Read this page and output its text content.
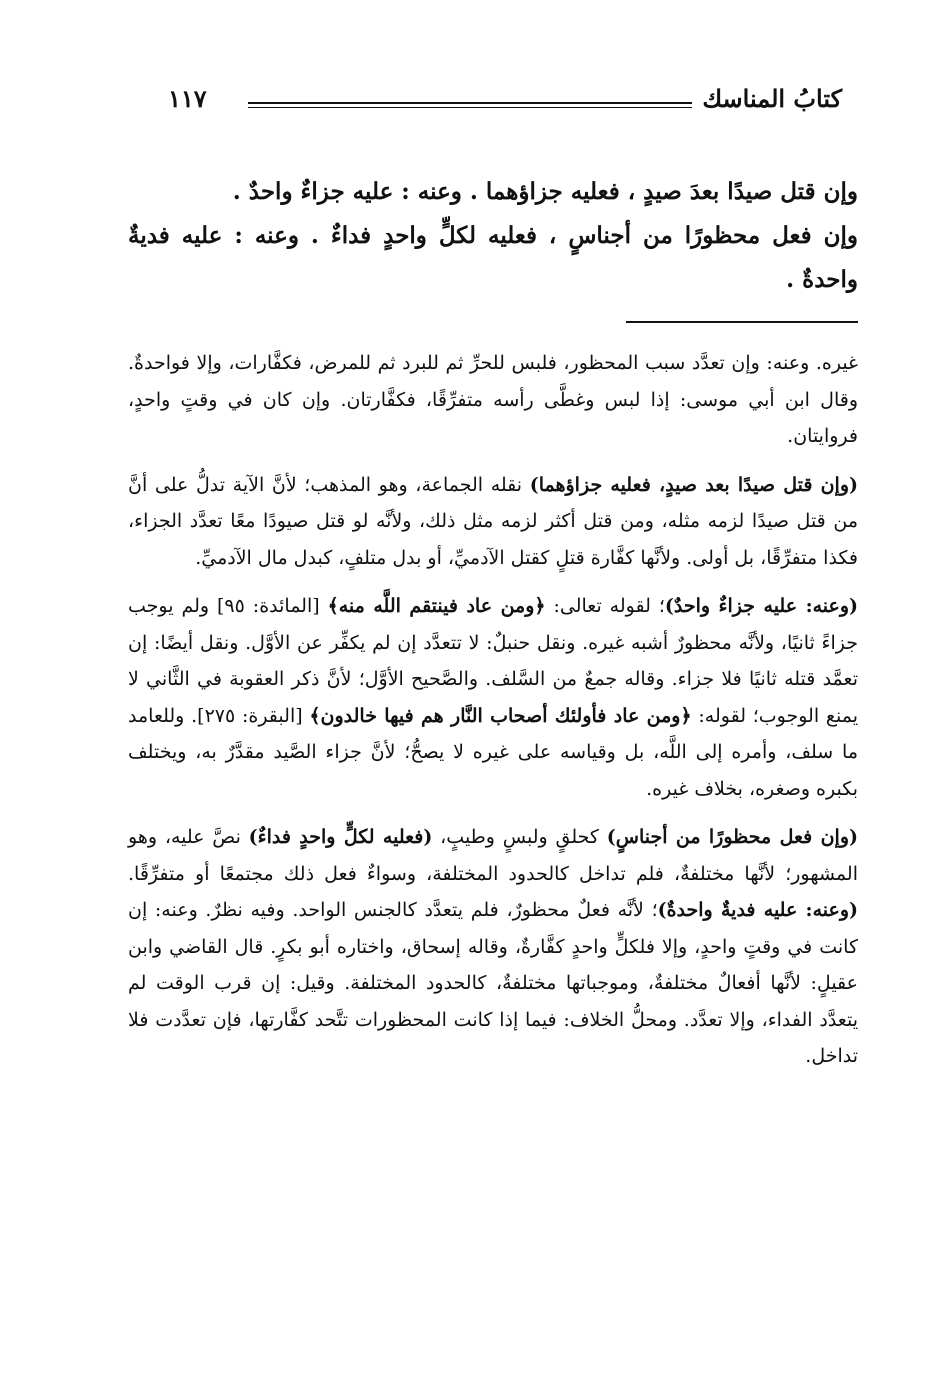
كتابُ المناسك
١١٧

وإن قتل صيدًا بعدَ صيدٍ ، فعليه جزاؤهما . وعنه : عليه جزاءٌ واحدٌ .

وإن فعل محظورًا من أجناسٍ ، فعليه لكلٍّ واحدٍ فداءٌ . وعنه : عليه فديةٌ واحدةٌ .

غيره. وعنه: وإن تعدَّد سبب المحظور، فلبس للحرِّ ثم للبرد ثم للمرض، فكفَّارات، وإلا فواحدةٌ. وقال ابن أبي موسى: إذا لبس وغطَّى رأسه متفرِّقًا، فكفَّارتان. وإن كان في وقتٍ واحدٍ، فروايتان.

(وإن قتل صيدًا بعد صيدٍ، فعليه جزاؤهما) نقله الجماعة، وهو المذهب؛ لأنَّ الآية تدلُّ على أنَّ من قتل صيدًا لزمه مثله، ومن قتل أكثر لزمه مثل ذلك، ولأنَّه لو قتل صيودًا معًا تعدَّد الجزاء، فكذا متفرِّقًا، بل أولى. ولأنَّها كفَّارة قتلٍ كقتل الآدميِّ، أو بدل متلفٍ، كبدل مال الآدميِّ.

(وعنه: عليه جزاءٌ واحدٌ)؛ لقوله تعالى: ﴿ومن عاد فينتقم اللَّه منه﴾ [المائدة: ٩٥] ولم يوجب جزاءً ثانيًا، ولأنَّه محظورٌ أشبه غيره. ونقل حنبلٌ: لا تتعدَّد إن لم يكفِّر عن الأوَّل. ونقل أيضًا: إن تعمَّد قتله ثانيًا فلا جزاء. وقاله جمعٌ من السَّلف. والصَّحيح الأوَّل؛ لأنَّ ذكر العقوبة في الثَّاني لا يمنع الوجوب؛ لقوله: ﴿ومن عاد فأولئك أصحاب النَّار هم فيها خالدون﴾ [البقرة: ٢٧٥]. وللعامد ما سلف، وأمره إلى اللَّه، بل وقياسه على غيره لا يصحُّ؛ لأنَّ جزاء الصَّيد مقدَّرٌ به، ويختلف بكبره وصغره، بخلاف غيره.

(وإن فعل محظورًا من أجناسٍ) كحلقٍ ولبسٍ وطيبٍ، (فعليه لكلٍّ واحدٍ فداءٌ) نصَّ عليه، وهو المشهور؛ لأنَّها مختلفةٌ، فلم تداخل كالحدود المختلفة، وسواءٌ فعل ذلك مجتمعًا أو متفرِّقًا. (وعنه: عليه فديةٌ واحدةٌ)؛ لأنَّه فعلٌ محظورٌ، فلم يتعدَّد كالجنس الواحد. وفيه نظرٌ. وعنه: إن كانت في وقتٍ واحدٍ، وإلا فلكلٍّ واحدٍ كفَّارةٌ، وقاله إسحاق، واختاره أبو بكرٍ. قال القاضي وابن عقيلٍ: لأنَّها أفعالٌ مختلفةٌ، وموجباتها مختلفةٌ، كالحدود المختلفة. وقيل: إن قرب الوقت لم يتعدَّد الفداء، وإلا تعدَّد. ومحلُّ الخلاف: فيما إذا كانت المحظورات تتَّحد كفَّارتها، فإن تعدَّدت فلا تداخل.
